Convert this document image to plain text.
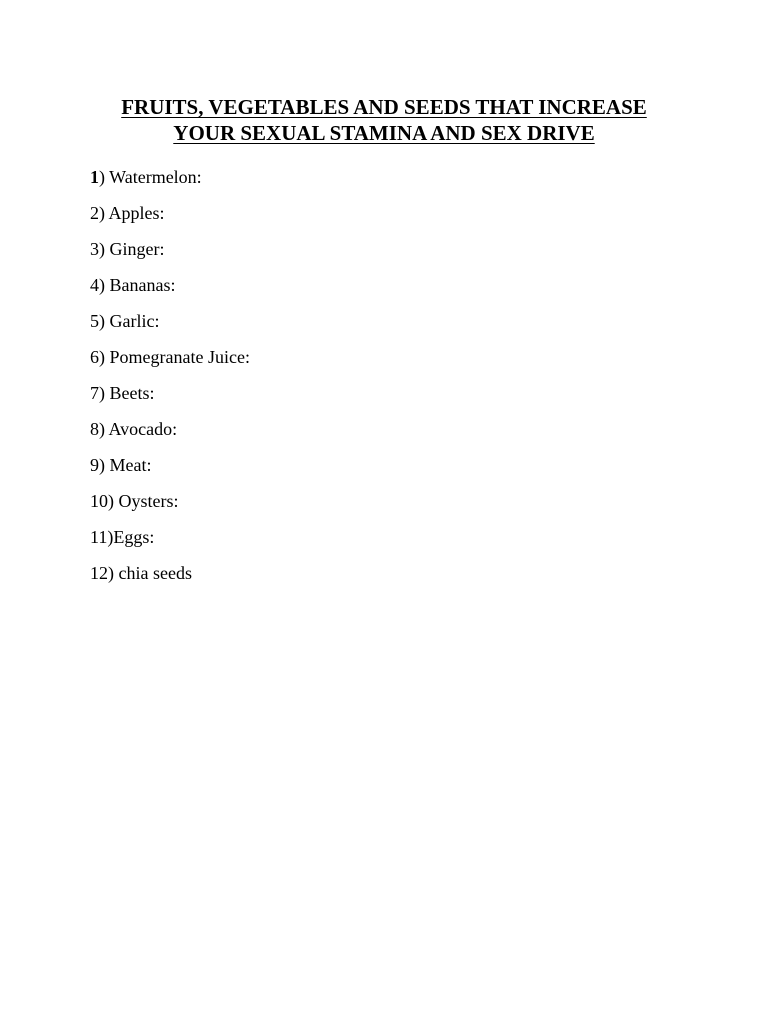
FRUITS, VEGETABLES AND SEEDS THAT INCREASE
YOUR SEXUAL STAMINA AND SEX DRIVE
1) Watermelon:
2) Apples:
3) Ginger:
4) Bananas:
5) Garlic:
6) Pomegranate Juice:
7) Beets:
8) Avocado:
9) Meat:
10) Oysters:
11)Eggs:
12) chia seeds
